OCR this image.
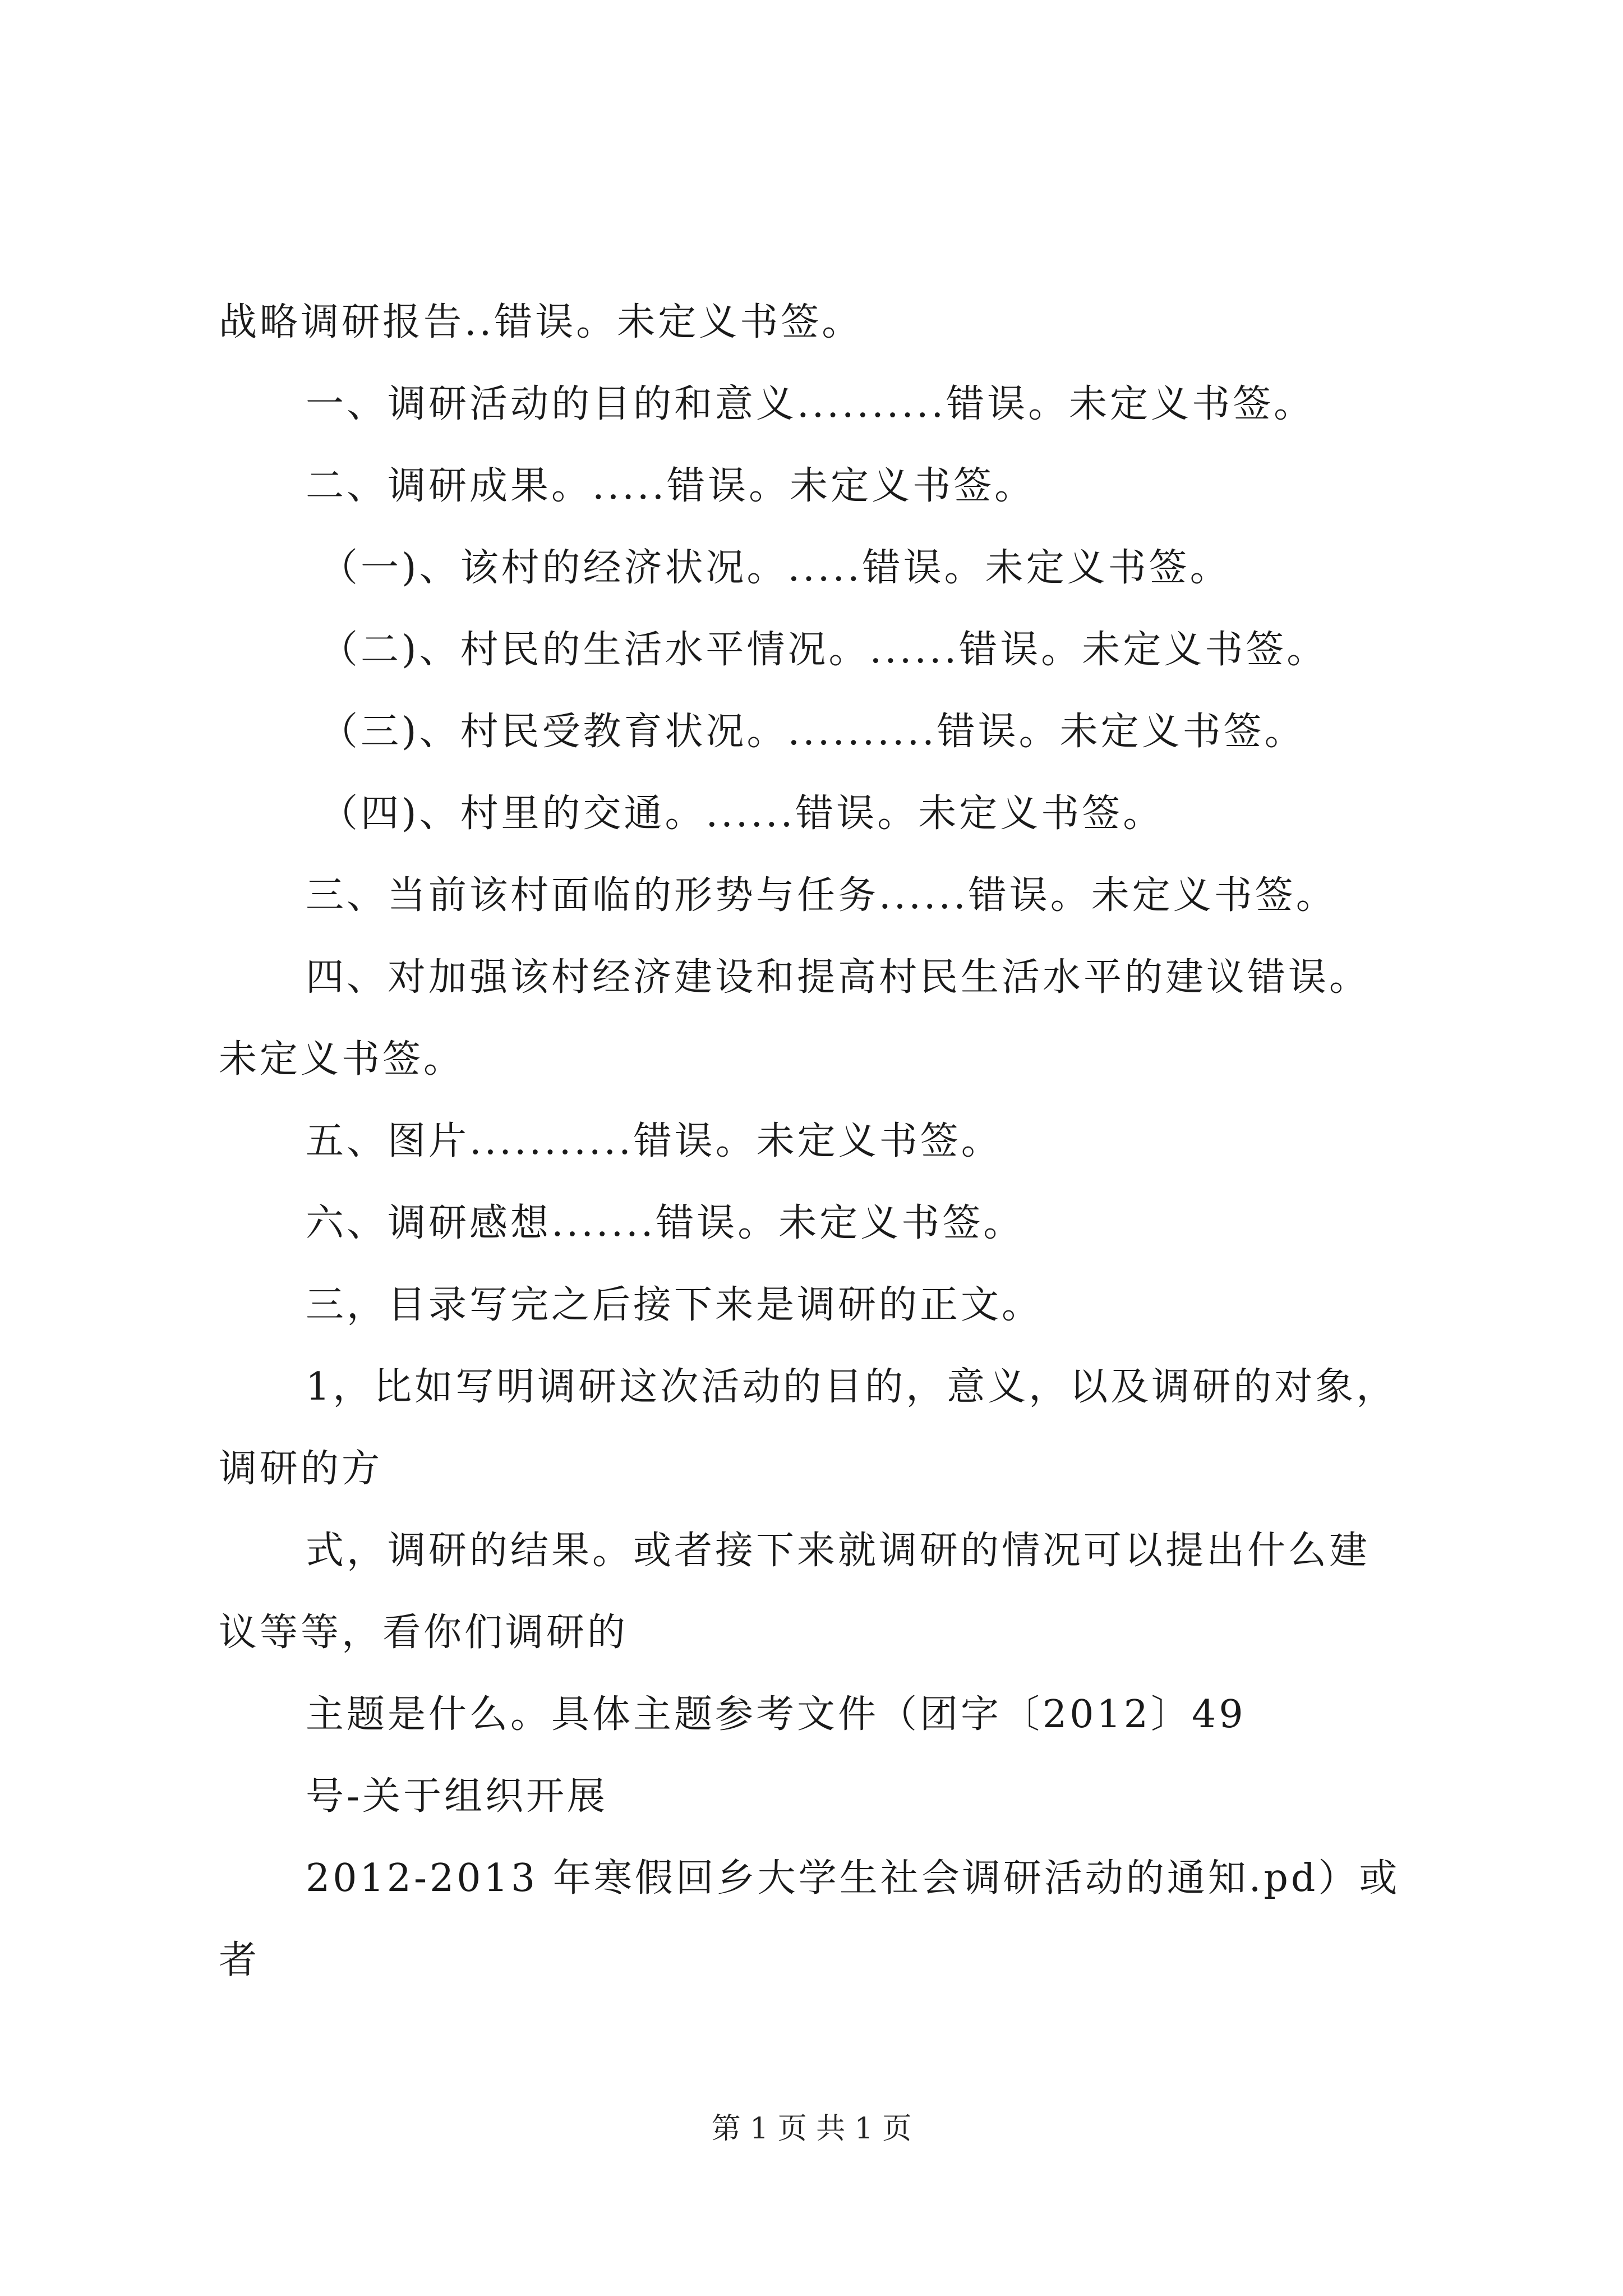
战略调研报告..错误。未定义书签。
一、调研活动的目的和意义..........错误。未定义书签。
二、调研成果。.....错误。未定义书签。
（一)、该村的经济状况。.....错误。未定义书签。
（二)、村民的生活水平情况。......错误。未定义书签。
（三)、村民受教育状况。..........错误。未定义书签。
（四)、村里的交通。......错误。未定义书签。
三、当前该村面临的形势与任务......错误。未定义书签。
四、对加强该村经济建设和提高村民生活水平的建议错误。
未定义书签。
五、图片...........错误。未定义书签。
六、调研感想.......错误。未定义书签。
三，目录写完之后接下来是调研的正文。
1，比如写明调研这次活动的目的，意义，以及调研的对象，
调研的方
式，调研的结果。或者接下来就调研的情况可以提出什么建
议等等，看你们调研的
主题是什么。具体主题参考文件（团字〔2012〕49
号-关于组织开展
2012-2013 年寒假回乡大学生社会调研活动的通知.pd）或
者
第 1 页 共 1 页
